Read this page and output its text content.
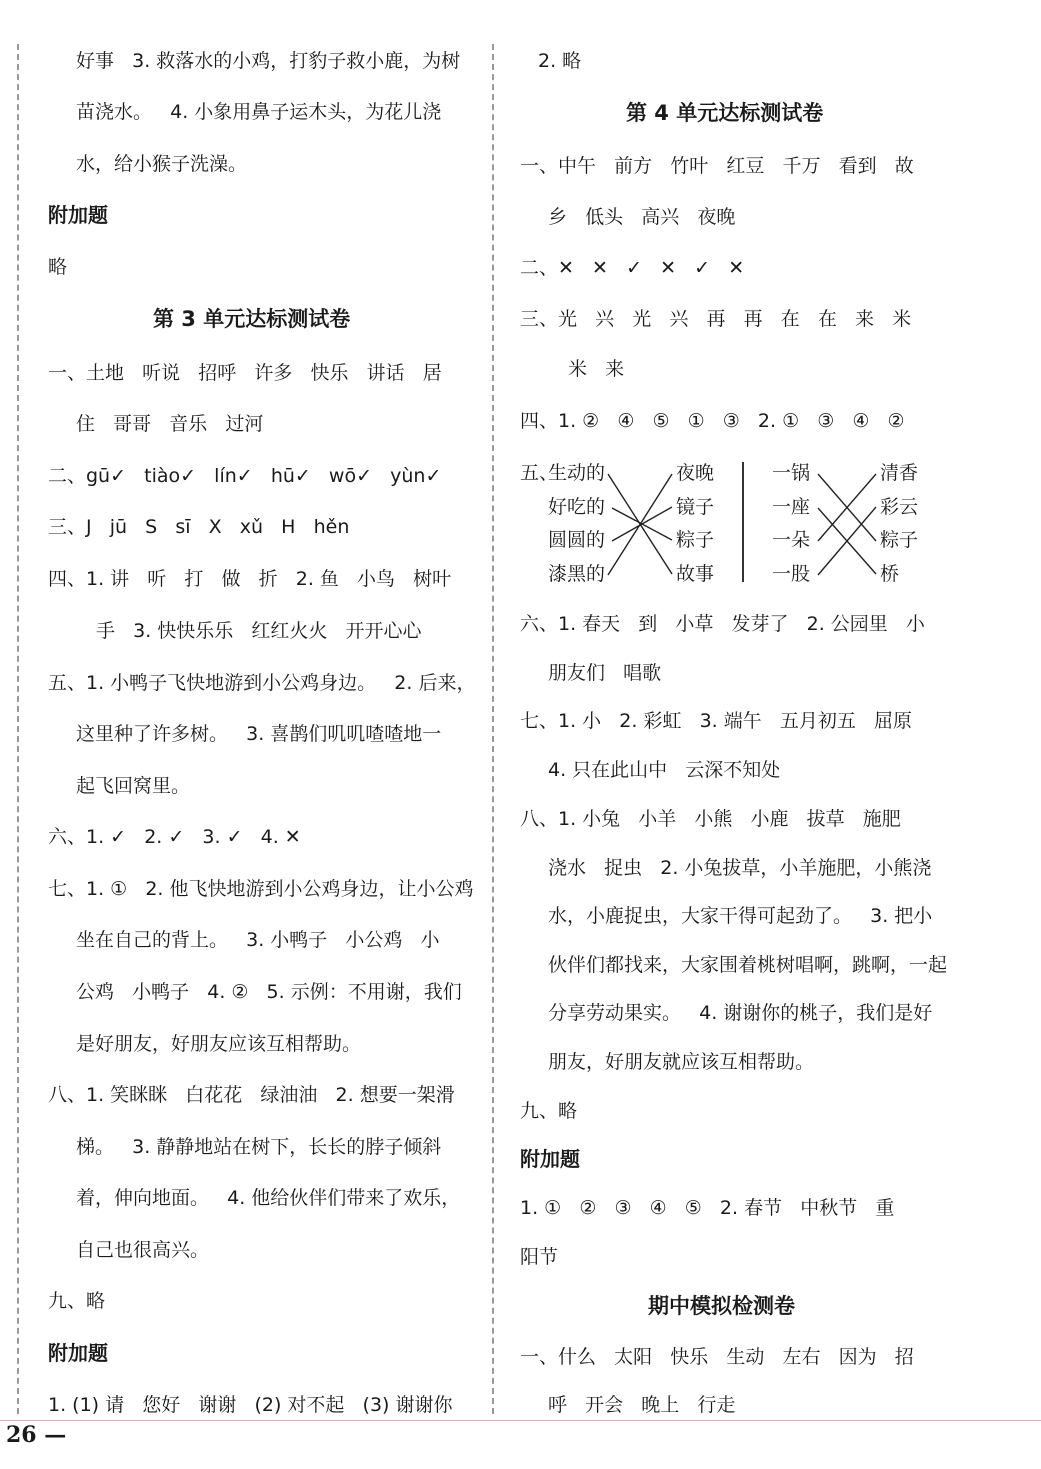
好事   3. 救落水的小鸡，打豹子救小鹿，为树
苗浇水。   4. 小象用鼻子运木头，为花儿浇
水，给小猴子洗澡。
附加题
略
第 3 单元达标测试卷
一、土地   听说   招呼   许多   快乐   讲话   居
住   哥哥   音乐   过河
二、gū✓   tiào✓   lín✓   hū✓   wō✓   yùn✓
三、J   jū   S   sī   X   xǔ   H   hěn
四、1. 讲   听   打   做   折   2. 鱼   小鸟   树叶
手   3. 快快乐乐   红红火火   开开心心
五、1. 小鸭子飞快地游到小公鸡身边。   2. 后来，
这里种了许多树。   3. 喜鹊们叽叽喳喳地一
起飞回窝里。
六、1. ✓   2. ✓   3. ✓   4. ✕
七、1. ①   2. 他飞快地游到小公鸡身边，让小公鸡
坐在自己的背上。   3. 小鸭子   小公鸡   小
公鸡   小鸭子   4. ②   5. 示例：不用谢，我们
是好朋友，好朋友应该互相帮助。
八、1. 笑眯眯   白花花   绿油油   2. 想要一架滑
梯。   3. 静静地站在树下，长长的脖子倾斜
着，伸向地面。   4. 他给伙伴们带来了欢乐，
自己也很高兴。
九、略
附加题
1. (1) 请   您好   谢谢   (2) 对不起   (3) 谢谢你
2. 略
第 4 单元达标测试卷
一、中午   前方   竹叶   红豆   千万   看到   故
乡   低头   高兴   夜晚
二、✕   ✕   ✓   ✕   ✓   ✕
三、光   兴   光   兴   再   再   在   在   来   米
米   来
四、1. ②   ④   ⑤   ①   ③   2. ①   ③   ④   ②
五、
生动的
好吃的
圆圆的
漆黑的
夜晚
镜子
粽子
故事
一锅
一座
一朵
一股
清香
彩云
粽子
桥
六、1. 春天   到   小草   发芽了   2. 公园里   小
朋友们   唱歌
七、1. 小   2. 彩虹   3. 端午   五月初五   屈原
4. 只在此山中   云深不知处
八、1. 小兔   小羊   小熊   小鹿   拔草   施肥
浇水   捉虫   2. 小兔拔草，小羊施肥，小熊浇
水，小鹿捉虫，大家干得可起劲了。   3. 把小
伙伴们都找来，大家围着桃树唱啊，跳啊，一起
分享劳动果实。   4. 谢谢你的桃子，我们是好
朋友，好朋友就应该互相帮助。
九、略
附加题
1. ①   ②   ③   ④   ⑤   2. 春节   中秋节   重
阳节
期中模拟检测卷
一、什么   太阳   快乐   生动   左右   因为   招
呼   开会   晚上   行走
26 —
